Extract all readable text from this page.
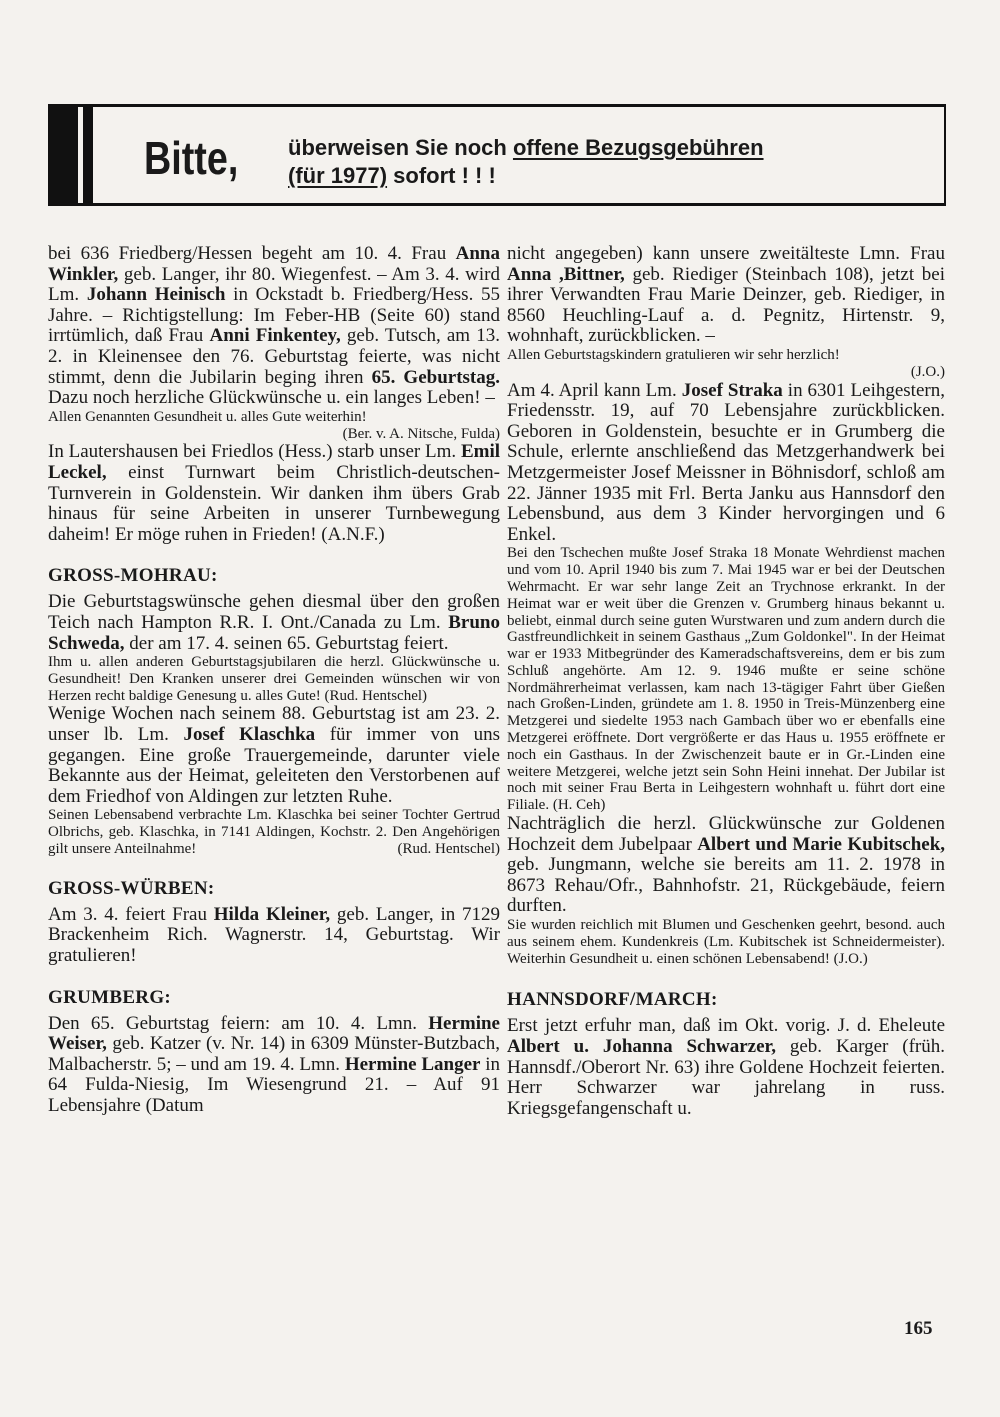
Bitte, überweisen Sie noch offene Bezugsgebühren
(für 1977) sofort ! ! !

bei 636 Friedberg/Hessen begeht am 10. 4. Frau Anna Winkler, geb. Langer, ihr 80. Wiegenfest. – Am 3. 4. wird Lm. Johann Heinisch in Ockstadt b. Friedberg/Hess. 55 Jahre. – Richtigstellung: Im Feber-HB (Seite 60) stand irrtümlich, daß Frau Anni Finkentey, geb. Tutsch, am 13. 2. in Kleinensee den 76. Geburtstag feierte, was nicht stimmt, denn die Jubilarin beging ihren 65. Geburtstag. Dazu noch herzliche Glückwünsche u. ein langes Leben! –

Allen Genannten Gesundheit u. alles Gute weiterhin!

(Ber. v. A. Nitsche, Fulda)

In Lautershausen bei Friedlos (Hess.) starb unser Lm. Emil Leckel, einst Turnwart beim Christlich-deutschen-Turnverein in Goldenstein. Wir danken ihm übers Grab hinaus für seine Arbeiten in unserer Turnbewegung daheim! Er möge ruhen in Frieden! (A.N.F.)

GROSS-MOHRAU:

Die Geburtstagswünsche gehen diesmal über den großen Teich nach Hampton R.R. I. Ont./Canada zu Lm. Bruno Schweda, der am 17. 4. seinen 65. Geburtstag feiert.

Ihm u. allen anderen Geburtstagsjubilaren die herzl. Glückwünsche u. Gesundheit! Den Kranken unserer drei Gemeinden wünschen wir von Herzen recht baldige Genesung u. alles Gute! (Rud. Hentschel)

Wenige Wochen nach seinem 88. Geburtstag ist am 23. 2. unser lb. Lm. Josef Klaschka für immer von uns gegangen. Eine große Trauergemeinde, darunter viele Bekannte aus der Heimat, geleiteten den Verstorbenen auf dem Friedhof von Aldingen zur letzten Ruhe.

Seinen Lebensabend verbrachte Lm. Klaschka bei seiner Tochter Gertrud Olbrichs, geb. Klaschka, in 7141 Aldingen, Kochstr. 2. Den Angehörigen gilt unsere Anteilnahme!	(Rud. Hentschel)

GROSS-WÜRBEN:

Am 3. 4. feiert Frau Hilda Kleiner, geb. Langer, in 7129 Brackenheim Rich. Wagnerstr. 14, Geburtstag. Wir gratulieren!

GRUMBERG:

Den 65. Geburtstag feiern: am 10. 4. Lmn. Hermine Weiser, geb. Katzer (v. Nr. 14) in 6309 Münster-Butzbach, Malbacherstr. 5; – und am 19. 4. Lmn. Hermine Langer in 64 Fulda-Niesig, Im Wiesengrund 21. – Auf 91 Lebensjahre (Datum

nicht angegeben) kann unsere zweitälteste Lmn. Frau Anna ,Bittner, geb. Riediger (Steinbach 108), jetzt bei ihrer Verwandten Frau Marie Deinzer, geb. Riediger, in 8560 Heuchling-Lauf a. d. Pegnitz, Hirtenstr. 9, wohnhaft, zurückblicken. –

Allen Geburtstagskindern gratulieren wir sehr herzlich!

(J.O.)

Am 4. April kann Lm. Josef Straka in 6301 Leihgestern, Friedensstr. 19, auf 70 Lebensjahre zurückblicken. Geboren in Goldenstein, besuchte er in Grumberg die Schule, erlernte anschließend das Metzgerhandwerk bei Metzgermeister Josef Meissner in Böhnisdorf, schloß am 22. Jänner 1935 mit Frl. Berta Janku aus Hannsdorf den Lebensbund, aus dem 3 Kinder hervorgingen und 6 Enkel.

Bei den Tschechen mußte Josef Straka 18 Monate Wehrdienst machen und vom 10. April 1940 bis zum 7. Mai 1945 war er bei der Deutschen Wehrmacht. Er war sehr lange Zeit an Trychnose erkrankt. In der Heimat war er weit über die Grenzen v. Grumberg hinaus bekannt u. beliebt, einmal durch seine guten Wurstwaren und zum andern durch die Gastfreundlichkeit in seinem Gasthaus „Zum Goldonkel". In der Heimat war er 1933 Mitbegründer des Kameradschaftsvereins, dem er bis zum Schluß angehörte. Am 12. 9. 1946 mußte er seine schöne Nordmährerheimat verlassen, kam nach 13-tägiger Fahrt über Gießen nach Großen-Linden, gründete am 1. 8. 1950 in Treis-Münzenberg eine Metzgerei und siedelte 1953 nach Gambach über wo er ebenfalls eine Metzgerei eröffnete. Dort vergrößerte er das Haus u. 1955 eröffnete er noch ein Gasthaus. In der Zwischenzeit baute er in Gr.-Linden eine weitere Metzgerei, welche jetzt sein Sohn Heini innehat. Der Jubilar ist noch mit seiner Frau Berta in Leihgestern wohnhaft u. führt dort eine Filiale. (H. Ceh)

Nachträglich die herzl. Glückwünsche zur Goldenen Hochzeit dem Jubelpaar Albert und Marie Kubitschek, geb. Jungmann, welche sie bereits am 11. 2. 1978 in 8673 Rehau/Ofr., Bahnhofstr. 21, Rückgebäude, feiern durften.

Sie wurden reichlich mit Blumen und Geschenken geehrt, besond. auch aus seinem ehem. Kundenkreis (Lm. Kubitschek ist Schneidermeister). Weiterhin Gesundheit u. einen schönen Lebensabend! (J.O.)

HANNSDORF/MARCH:

Erst jetzt erfuhr man, daß im Okt. vorig. J. d. Eheleute Albert u. Johanna Schwarzer, geb. Karger (früh. Hannsdf./Oberort Nr. 63) ihre Goldene Hochzeit feierten. Herr Schwarzer war jahrelang in russ. Kriegsgefangenschaft u.

165
